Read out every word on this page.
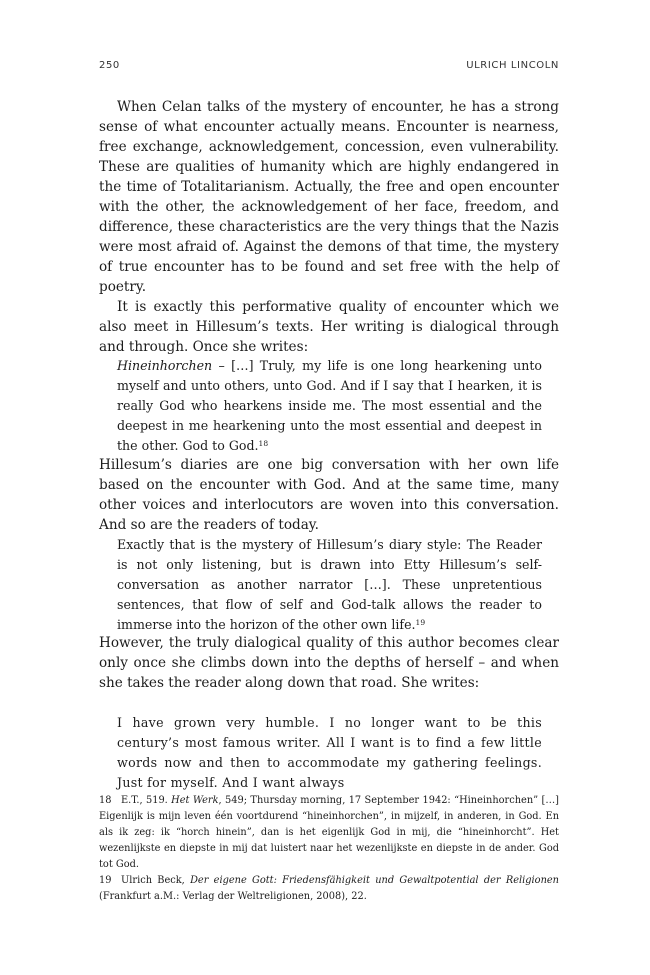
250	ULRICH LINCOLN

When Celan talks of the mystery of encounter, he has a strong sense of what encounter actually means. Encounter is nearness, free exchange, acknowledgement, concession, even vulnerability. These are qualities of humanity which are highly endangered in the time of Totalitarianism. Actually, the free and open encounter with the other, the acknowledgement of her face, freedom, and difference, these characteristics are the very things that the Nazis were most afraid of. Against the demons of that time, the mystery of true encounter has to be found and set free with the help of poetry.

It is exactly this performative quality of encounter which we also meet in Hillesum’s texts. Her writing is dialogical through and through. Once she writes:

Hineinhorchen – […] Truly, my life is one long hearkening unto myself and unto others, unto God. And if I say that I hearken, it is really God who hearkens inside me. The most essential and the deepest in me hearkening unto the most essential and deepest in the other. God to God.$^{18}$

Hillesum’s diaries are one big conversation with her own life based on the encounter with God. And at the same time, many other voices and interlocutors are woven into this conversation. And so are the readers of today.

Exactly that is the mystery of Hillesum’s diary style: The Reader is not only listening, but is drawn into Etty Hillesum’s self-conversation as another narrator […]. These unpretentious sentences, that flow of self and God-talk allows the reader to immerse into the horizon of the other own life.$^{19}$

However, the truly dialogical quality of this author becomes clear only once she climbs down into the depths of herself – and when she takes the reader along down that road. She writes:

I have grown very humble. I no longer want to be this century’s most famous writer. All I want is to find a few little words now and then to accommodate my gathering feelings. Just for myself. And I want always

18 E.T., 519. Het Werk, 549; Thursday morning, 17 September 1942: “Hineinhorchen” […] Eigenlijk is mijn leven één voortdurend “hineinhorchen”, in mijzelf, in anderen, in God. En als ik zeg: ik “horch hinein”, dan is het eigenlijk God in mij, die “hineinhorcht”. Het wezenlijkste en diepste in mij dat luistert naar het wezenlijkste en diepste in de ander. God tot God.

19 Ulrich Beck, Der eigene Gott: Friedensfähigkeit und Gewaltpotential der Religionen (Frankfurt a.M.: Verlag der Weltreligionen, 2008), 22.
